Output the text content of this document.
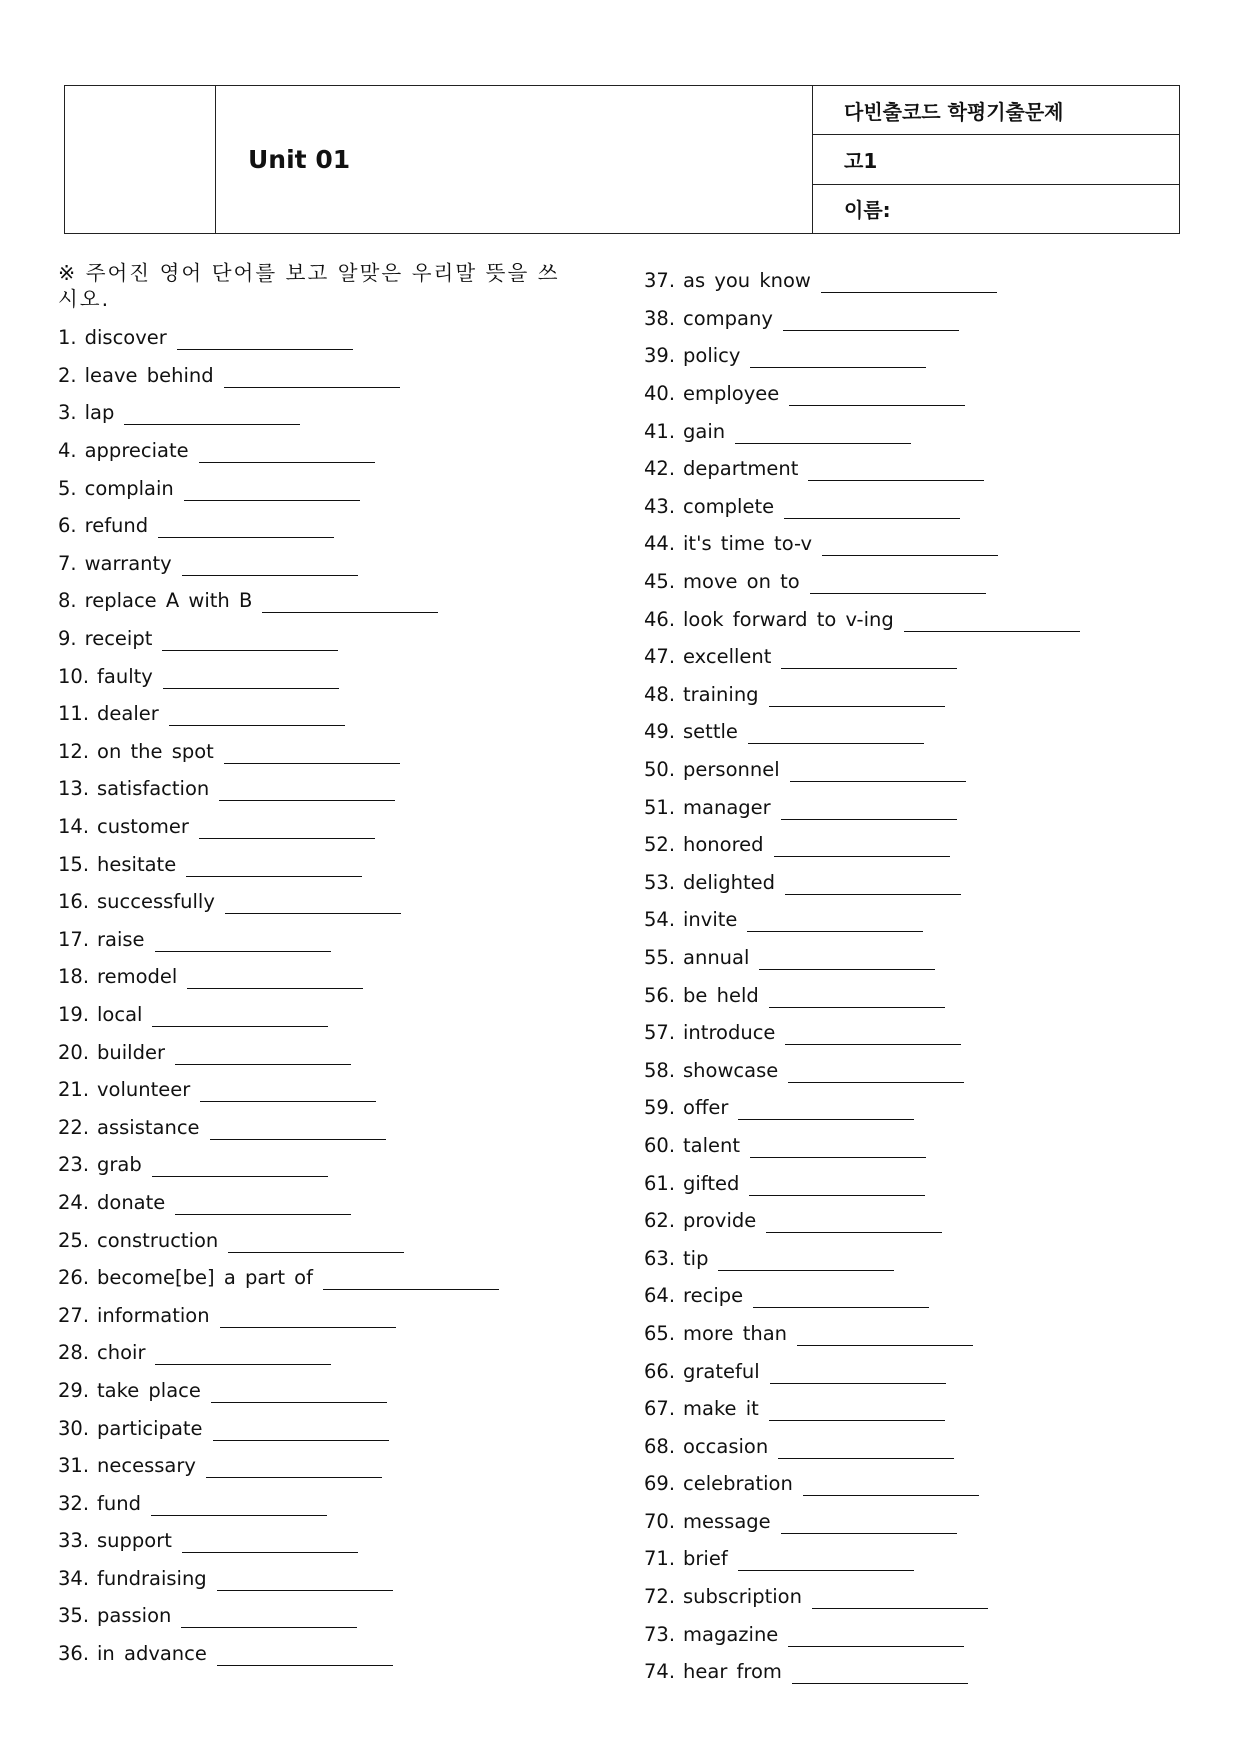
Unit 01
다빈출코드 학평기출문제
고1
이름:
※ 주어진 영어 단어를 보고 알맞은 우리말 뜻을 쓰시오.
1. discover
2. leave behind
3. lap
4. appreciate
5. complain
6. refund
7. warranty
8. replace A with B
9. receipt
10. faulty
11. dealer
12. on the spot
13. satisfaction
14. customer
15. hesitate
16. successfully
17. raise
18. remodel
19. local
20. builder
21. volunteer
22. assistance
23. grab
24. donate
25. construction
26. become[be] a part of
27. information
28. choir
29. take place
30. participate
31. necessary
32. fund
33. support
34. fundraising
35. passion
36. in advance
37. as you know
38. company
39. policy
40. employee
41. gain
42. department
43. complete
44. it's time to-v
45. move on to
46. look forward to v-ing
47. excellent
48. training
49. settle
50. personnel
51. manager
52. honored
53. delighted
54. invite
55. annual
56. be held
57. introduce
58. showcase
59. offer
60. talent
61. gifted
62. provide
63. tip
64. recipe
65. more than
66. grateful
67. make it
68. occasion
69. celebration
70. message
71. brief
72. subscription
73. magazine
74. hear from
